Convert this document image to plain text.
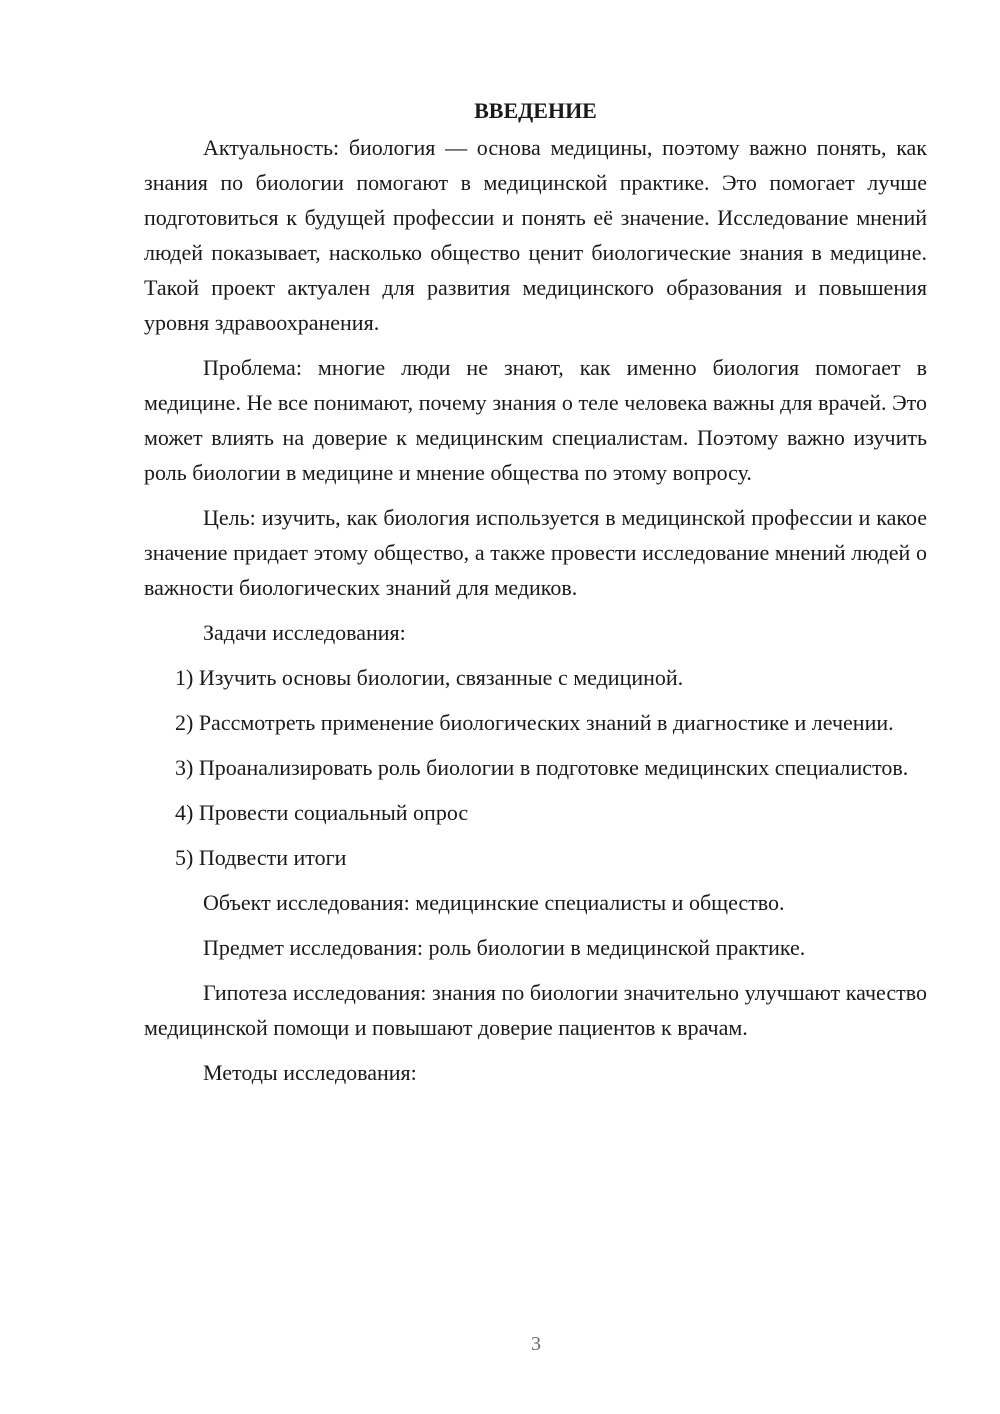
ВВЕДЕНИЕ

Актуальность: биология — основа медицины, поэтому важно понять, как знания по биологии помогают в медицинской практике. Это помогает лучше подготовиться к будущей профессии и понять её значение. Исследование мнений людей показывает, насколько общество ценит биологические знания в медицине. Такой проект актуален для развития медицинского образования и повышения уровня здравоохранения.

Проблема: многие люди не знают, как именно биология помогает в медицине. Не все понимают, почему знания о теле человека важны для врачей. Это может влиять на доверие к медицинским специалистам. Поэтому важно изучить роль биологии в медицине и мнение общества по этому вопросу.

Цель: изучить, как биология используется в медицинской профессии и какое значение придает этому общество, а также провести исследование мнений людей о важности биологических знаний для медиков.

Задачи исследования:

1) Изучить основы биологии, связанные с медициной.

2) Рассмотреть применение биологических знаний в диагностике и лечении.

3) Проанализировать роль биологии в подготовке медицинских специалистов.

4) Провести социальный опрос

5) Подвести итоги

Объект исследования: медицинские специалисты и общество.

Предмет исследования: роль биологии в медицинской практике.

Гипотеза исследования: знания по биологии значительно улучшают качество медицинской помощи и повышают доверие пациентов к врачам.

Методы исследования:

3
